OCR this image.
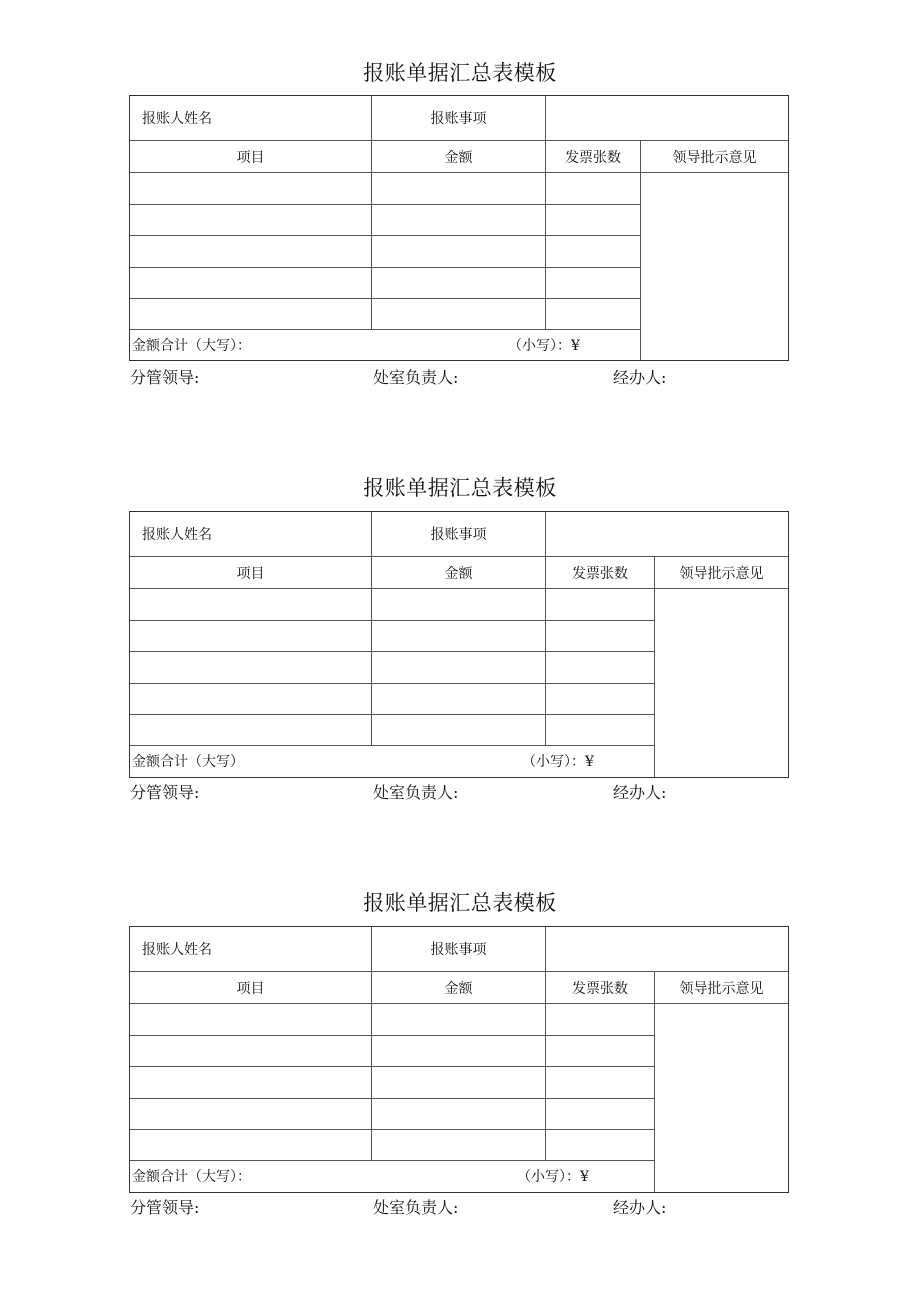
报账单据汇总表模板
报账人姓名	报账事项
项目	金额	发票张数	领导批示意见
金额合计（大写）：	（小写）：¥
分管领导:	处室负责人:	经办人:
报账单据汇总表模板
报账人姓名	报账事项
项目	金额	发票张数	领导批示意见
金额合计（大写）	（小写）：¥
分管领导:	处室负责人:	经办人:
报账单据汇总表模板
报账人姓名	报账事项
项目	金额	发票张数	领导批示意见
金额合计（大写）：	（小写）：¥
分管领导:	处室负责人:	经办人:
